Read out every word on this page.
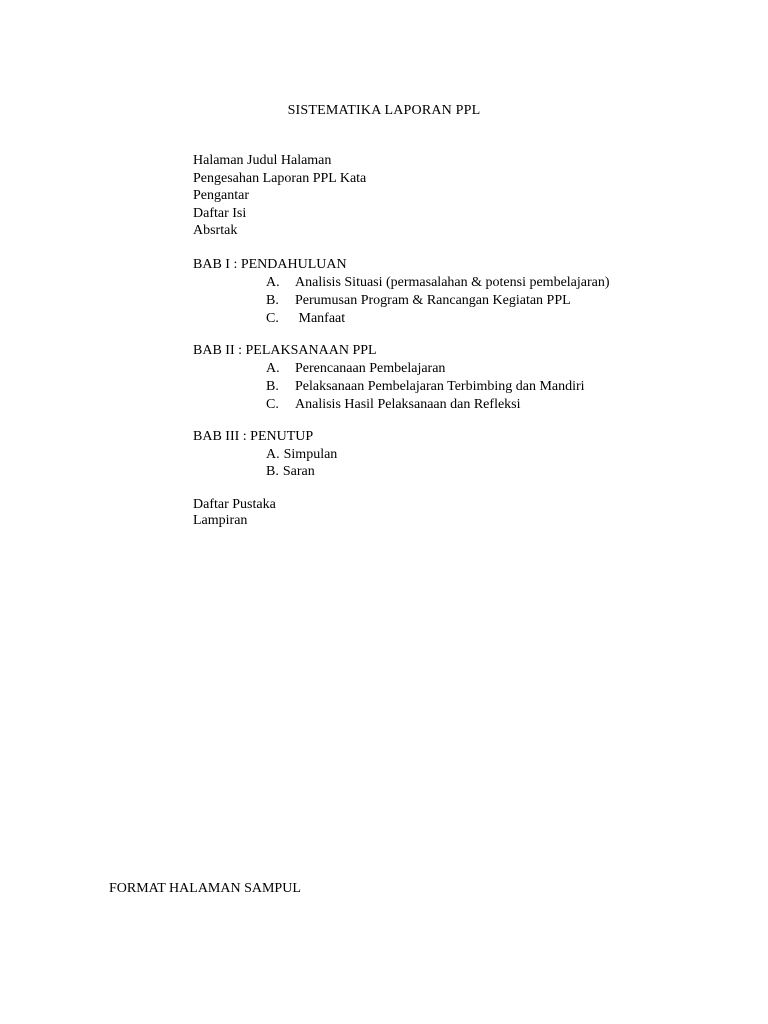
SISTEMATIKA LAPORAN PPL
Halaman Judul Halaman
Pengesahan Laporan PPL Kata
Pengantar
Daftar Isi
Absrtak
BAB I : PENDAHULUAN
A.	Analisis Situasi (permasalahan & potensi pembelajaran)
B.	Perumusan Program & Rancangan Kegiatan PPL
C.	Manfaat
BAB II : PELAKSANAAN PPL
A.	Perencanaan Pembelajaran
B.	Pelaksanaan Pembelajaran Terbimbing dan Mandiri
C.	Analisis Hasil Pelaksanaan dan Refleksi
BAB III : PENUTUP
A. Simpulan
B. Saran
Daftar Pustaka
Lampiran
FORMAT HALAMAN SAMPUL
